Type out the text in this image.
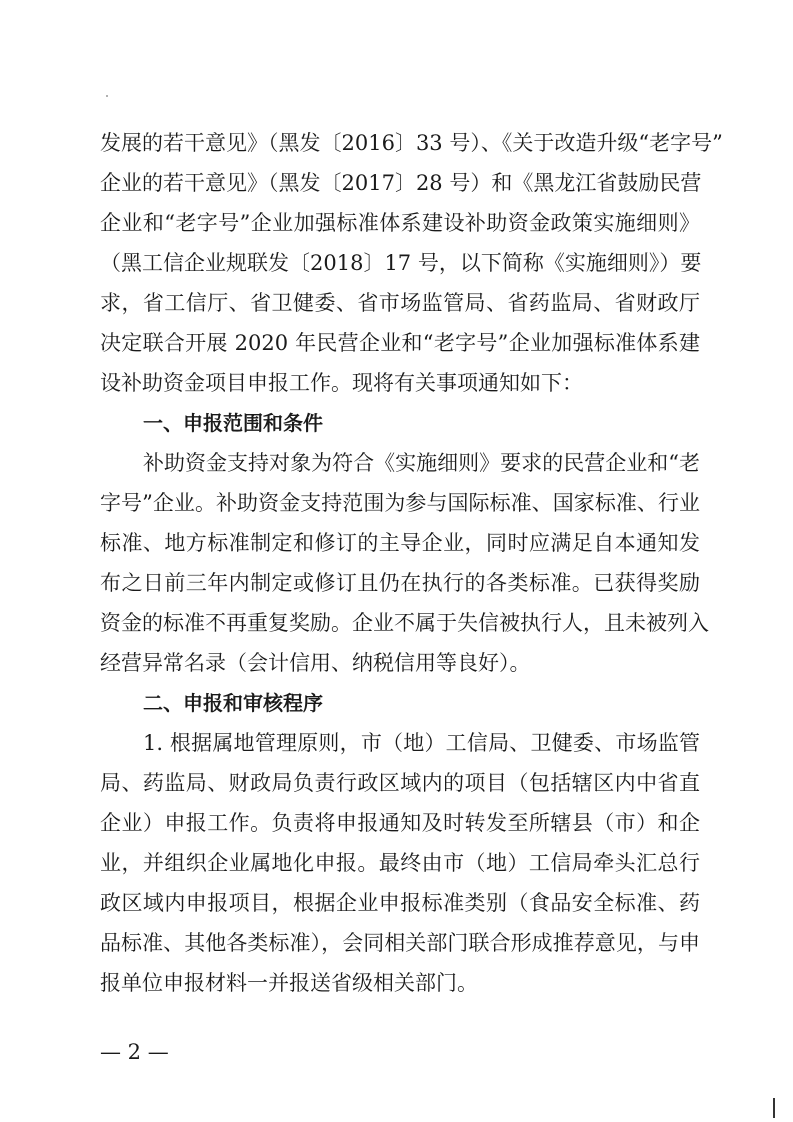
发展的若干意见》（黑发〔2016〕33 号）、《关于改造升级“老字号”
企业的若干意见》（黑发〔2017〕28 号）和《黑龙江省鼓励民营
企业和“老字号”企业加强标准体系建设补助资金政策实施细则》
（黑工信企业规联发〔2018〕17 号，以下简称《实施细则》）要
求，省工信厅、省卫健委、省市场监管局、省药监局、省财政厅
决定联合开展 2020 年民营企业和“老字号”企业加强标准体系建
设补助资金项目申报工作。现将有关事项通知如下：
一、申报范围和条件
补助资金支持对象为符合《实施细则》要求的民营企业和“老
字号”企业。补助资金支持范围为参与国际标准、国家标准、行业
标准、地方标准制定和修订的主导企业，同时应满足自本通知发
布之日前三年内制定或修订且仍在执行的各类标准。已获得奖励
资金的标准不再重复奖励。企业不属于失信被执行人，且未被列入
经营异常名录（会计信用、纳税信用等良好）。
二、申报和审核程序
1. 根据属地管理原则，市（地）工信局、卫健委、市场监管
局、药监局、财政局负责行政区域内的项目（包括辖区内中省直
企业）申报工作。负责将申报通知及时转发至所辖县（市）和企
业，并组织企业属地化申报。最终由市（地）工信局牵头汇总行
政区域内申报项目，根据企业申报标准类别（食品安全标准、药
品标准、其他各类标准），会同相关部门联合形成推荐意见，与申
报单位申报材料一并报送省级相关部门。
— 2 —
